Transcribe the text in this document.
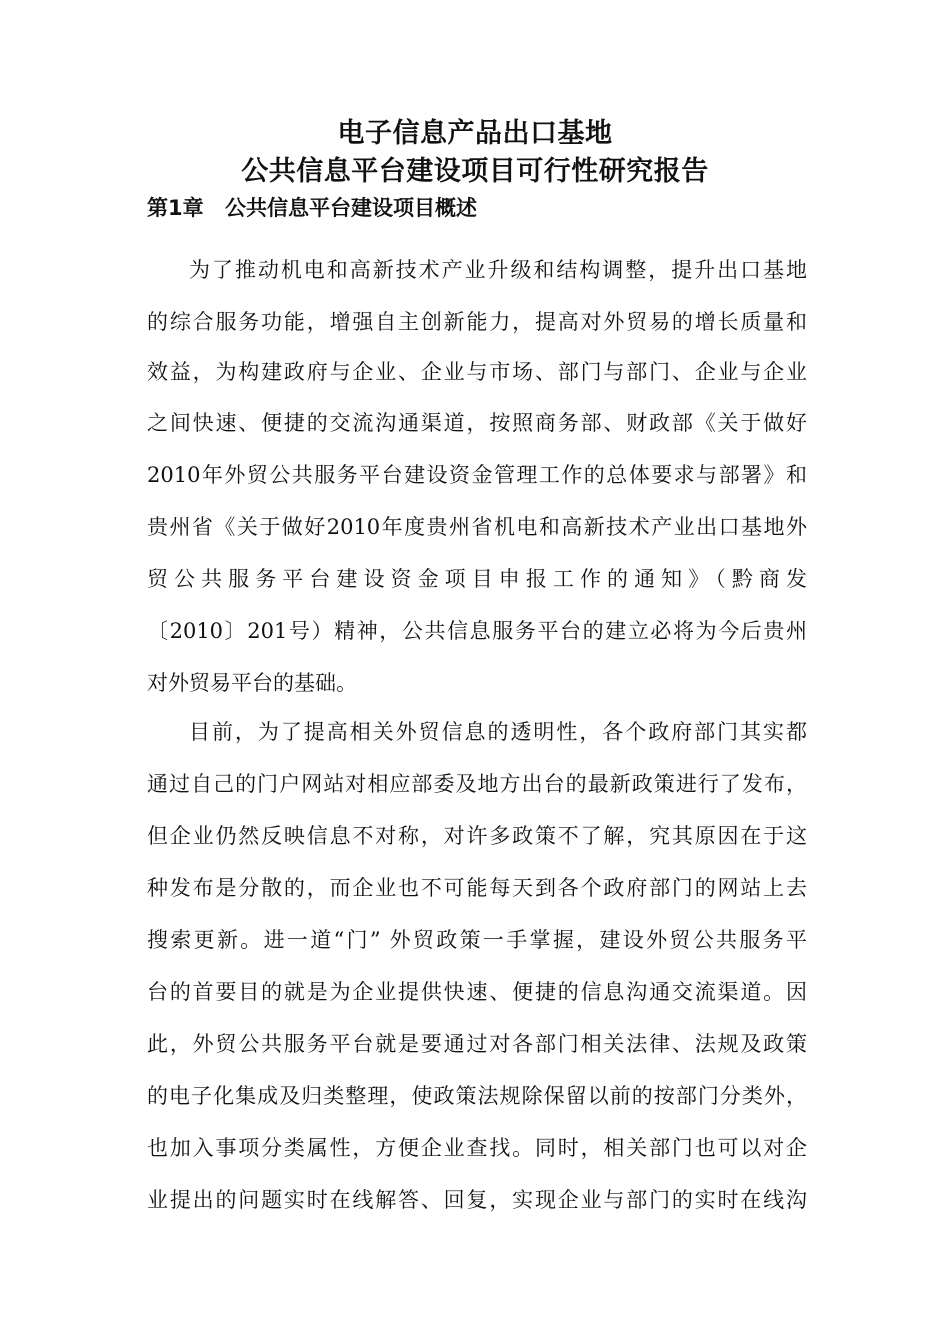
电子信息产品出口基地
公共信息平台建设项目可行性研究报告
第1章 公共信息平台建设项目概述
为了推动机电和高新技术产业升级和结构调整，提升出口基地
的综合服务功能，增强自主创新能力，提高对外贸易的增长质量和
效益，为构建政府与企业、企业与市场、部门与部门、企业与企业
之间快速、便捷的交流沟通渠道，按照商务部、财政部《关于做好
2010年外贸公共服务平台建设资金管理工作的总体要求与部署》和
贵州省《关于做好2010年度贵州省机电和高新技术产业出口基地外
贸公共服务平台建设资金项目申报工作的通知》（黔商发
〔2010〕201号）精神，公共信息服务平台的建立必将为今后贵州
对外贸易平台的基础。
目前，为了提高相关外贸信息的透明性，各个政府部门其实都
通过自己的门户网站对相应部委及地方出台的最新政策进行了发布，
但企业仍然反映信息不对称，对许多政策不了解，究其原因在于这
种发布是分散的，而企业也不可能每天到各个政府部门的网站上去
搜索更新。进一道“门” 外贸政策一手掌握，建设外贸公共服务平
台的首要目的就是为企业提供快速、便捷的信息沟通交流渠道。因
此，外贸公共服务平台就是要通过对各部门相关法律、法规及政策
的电子化集成及归类整理，使政策法规除保留以前的按部门分类外，
也加入事项分类属性，方便企业查找。同时，相关部门也可以对企
业提出的问题实时在线解答、回复，实现企业与部门的实时在线沟
